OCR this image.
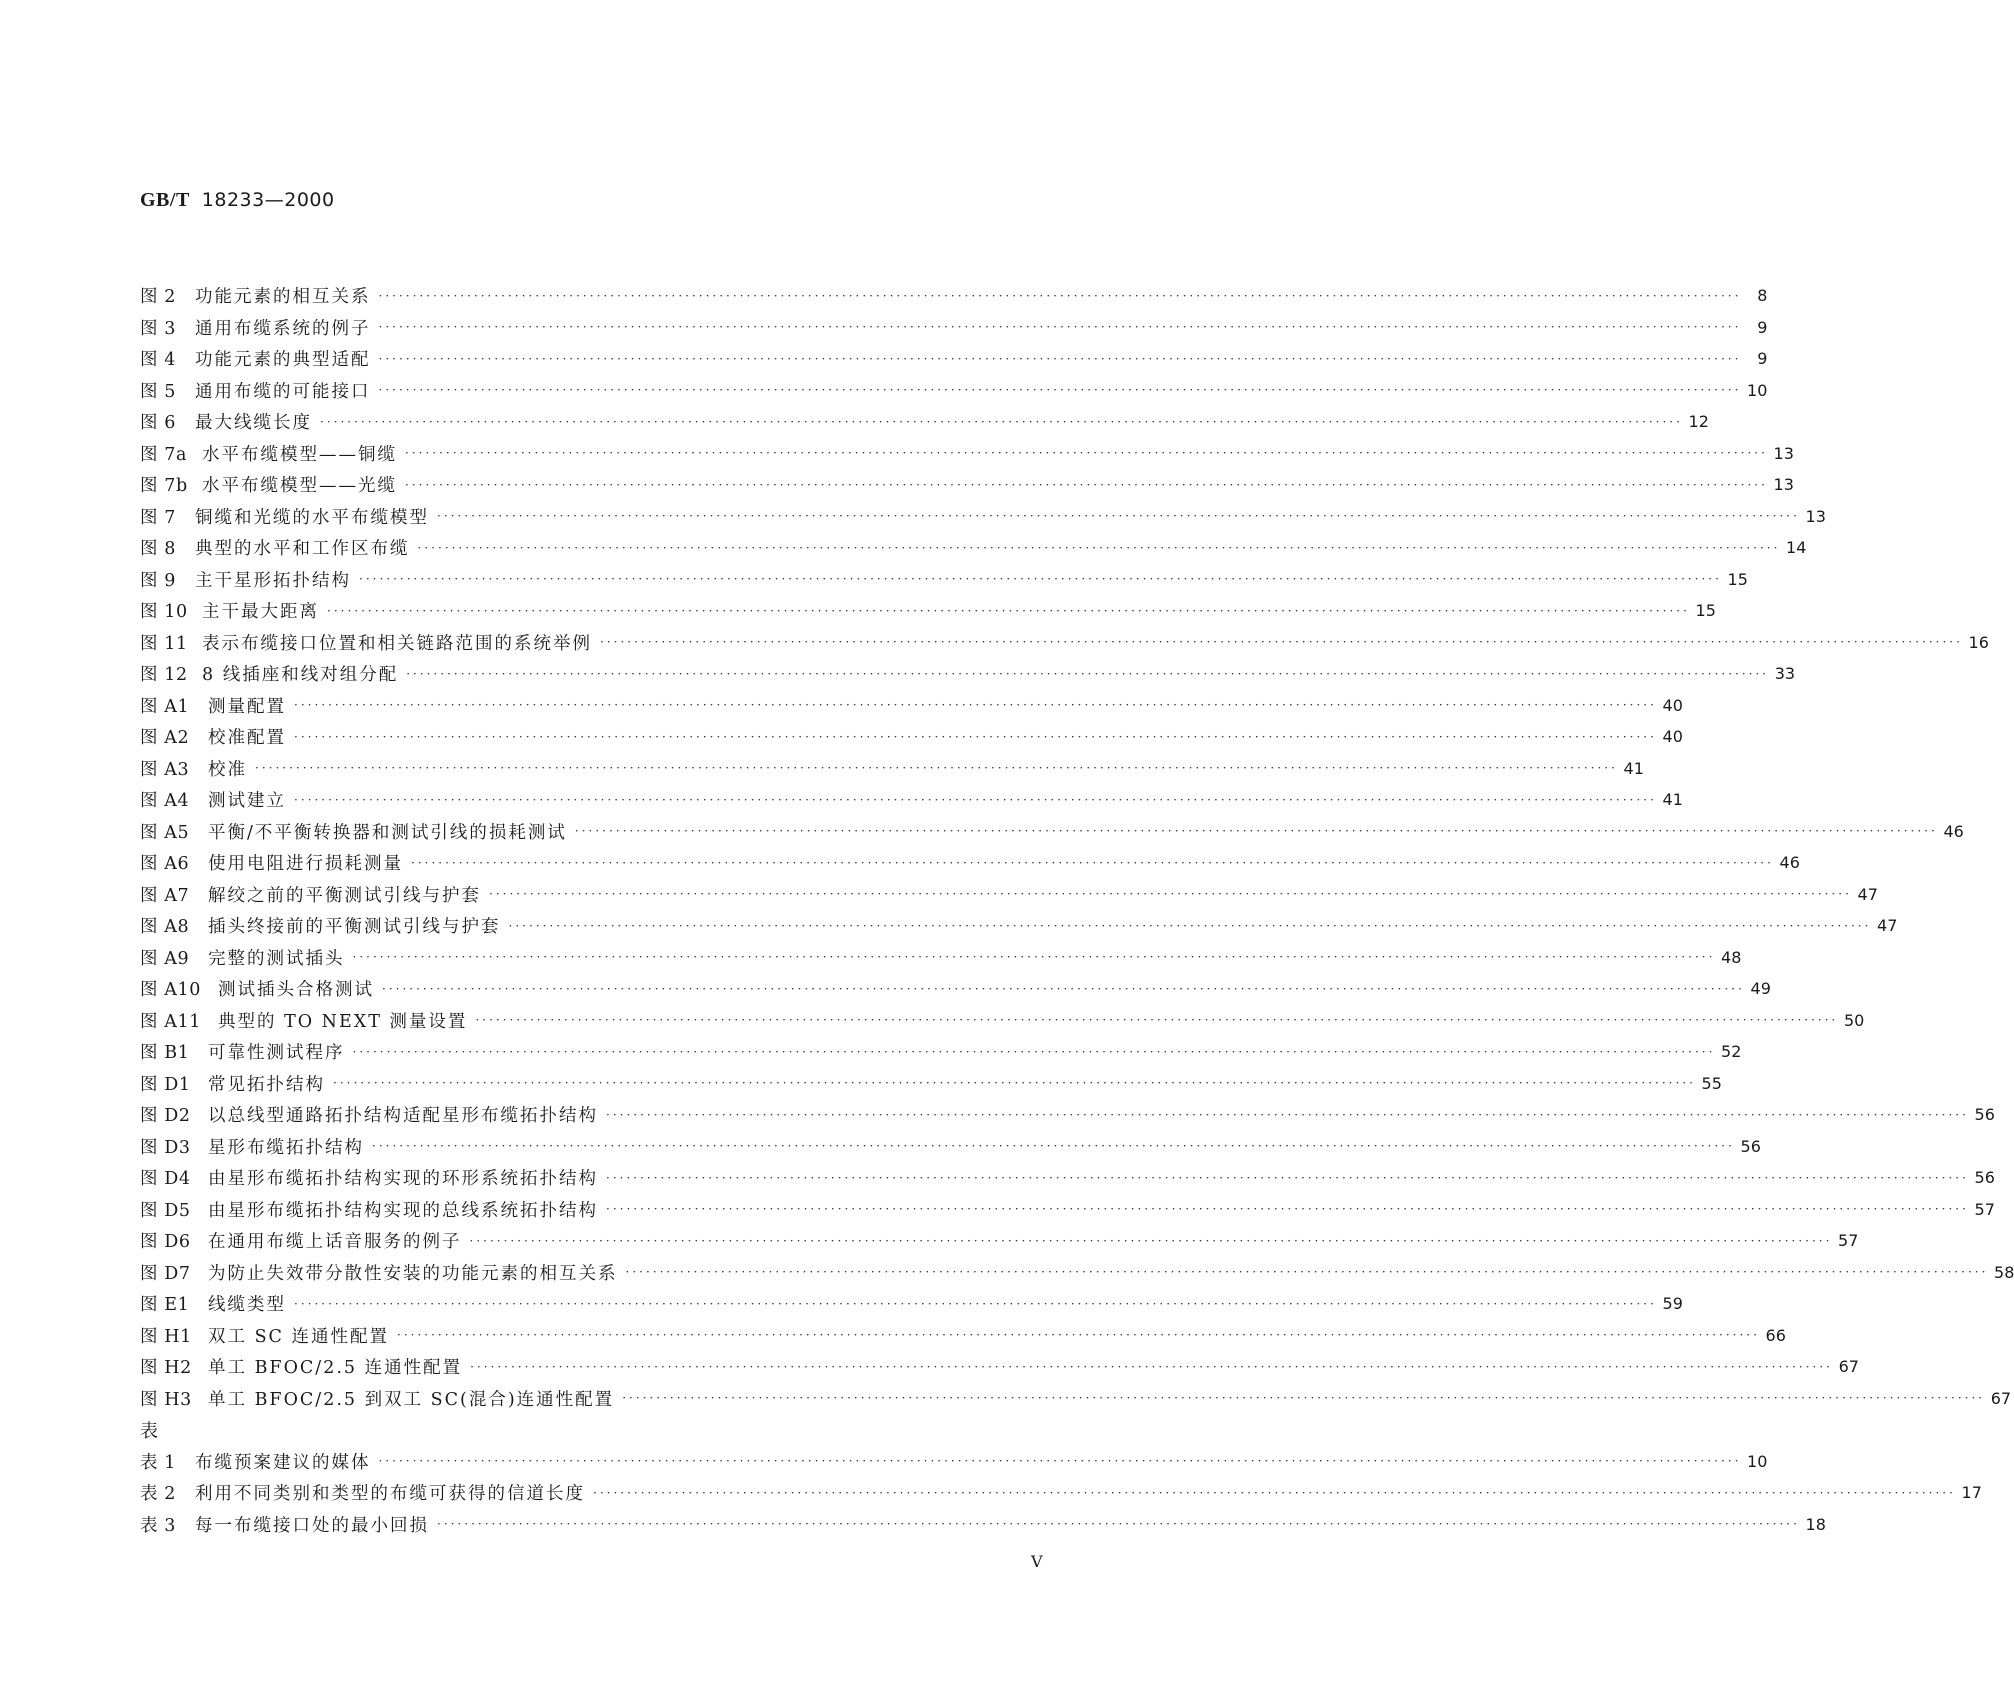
GB/T 18233—2000
图 2	功能元素的相互关系 ········································································································································································································ 8
图 3	通用布缆系统的例子 ········································································································································································································ 9
图 4	功能元素的典型适配 ········································································································································································································ 9
图 5	通用布缆的可能接口 ········································································································································································································ 10
图 6	最大线缆长度 ········································································································································································································ 12
图 7a 水平布缆模型——铜缆 ········································································································································································································ 13
图 7b 水平布缆模型——光缆 ········································································································································································································ 13
图 7	铜缆和光缆的水平布缆模型 ········································································································································································································ 13
图 8	典型的水平和工作区布缆 ········································································································································································································ 14
图 9	主干星形拓扑结构 ········································································································································································································ 15
图 10 主干最大距离 ········································································································································································································ 15
图 11 表示布缆接口位置和相关链路范围的系统举例 ········································································································································································································ 16
图 12 8 线插座和线对组分配 ········································································································································································································ 33
图 A1	测量配置 ········································································································································································································ 40
图 A2	校准配置 ········································································································································································································ 40
图 A3	校准 ········································································································································································································ 41
图 A4	测试建立 ········································································································································································································ 41
图 A5	平衡/不平衡转换器和测试引线的损耗测试 ········································································································································································································ 46
图 A6	使用电阻进行损耗测量 ········································································································································································································ 46
图 A7	解绞之前的平衡测试引线与护套 ········································································································································································································ 47
图 A8	插头终接前的平衡测试引线与护套 ········································································································································································································ 47
图 A9	完整的测试插头 ········································································································································································································ 48
图 A10 测试插头合格测试 ········································································································································································································ 49
图 A11 典型的 TO NEXT 测量设置 ········································································································································································································ 50
图 B1	可靠性测试程序 ········································································································································································································ 52
图 D1 常见拓扑结构 ········································································································································································································ 55
图 D2 以总线型通路拓扑结构适配星形布缆拓扑结构 ········································································································································································································ 56
图 D3 星形布缆拓扑结构 ········································································································································································································ 56
图 D4 由星形布缆拓扑结构实现的环形系统拓扑结构 ········································································································································································································ 56
图 D5 由星形布缆拓扑结构实现的总线系统拓扑结构 ········································································································································································································ 57
图 D6 在通用布缆上话音服务的例子 ········································································································································································································ 57
图 D7 为防止失效带分散性安装的功能元素的相互关系 ········································································································································································································ 58
图 E1	线缆类型 ········································································································································································································ 59
图 H1 双工 SC 连通性配置 ········································································································································································································ 66
图 H2 单工 BFOC/2.5 连通性配置 ········································································································································································································ 67
图 H3 单工 BFOC/2.5 到双工 SC(混合)连通性配置 ········································································································································································································ 67
表
表 1	布缆预案建议的媒体 ········································································································································································································ 10
表 2	利用不同类别和类型的布缆可获得的信道长度 ········································································································································································································ 17
表 3	每一布缆接口处的最小回损 ········································································································································································································ 18
V
